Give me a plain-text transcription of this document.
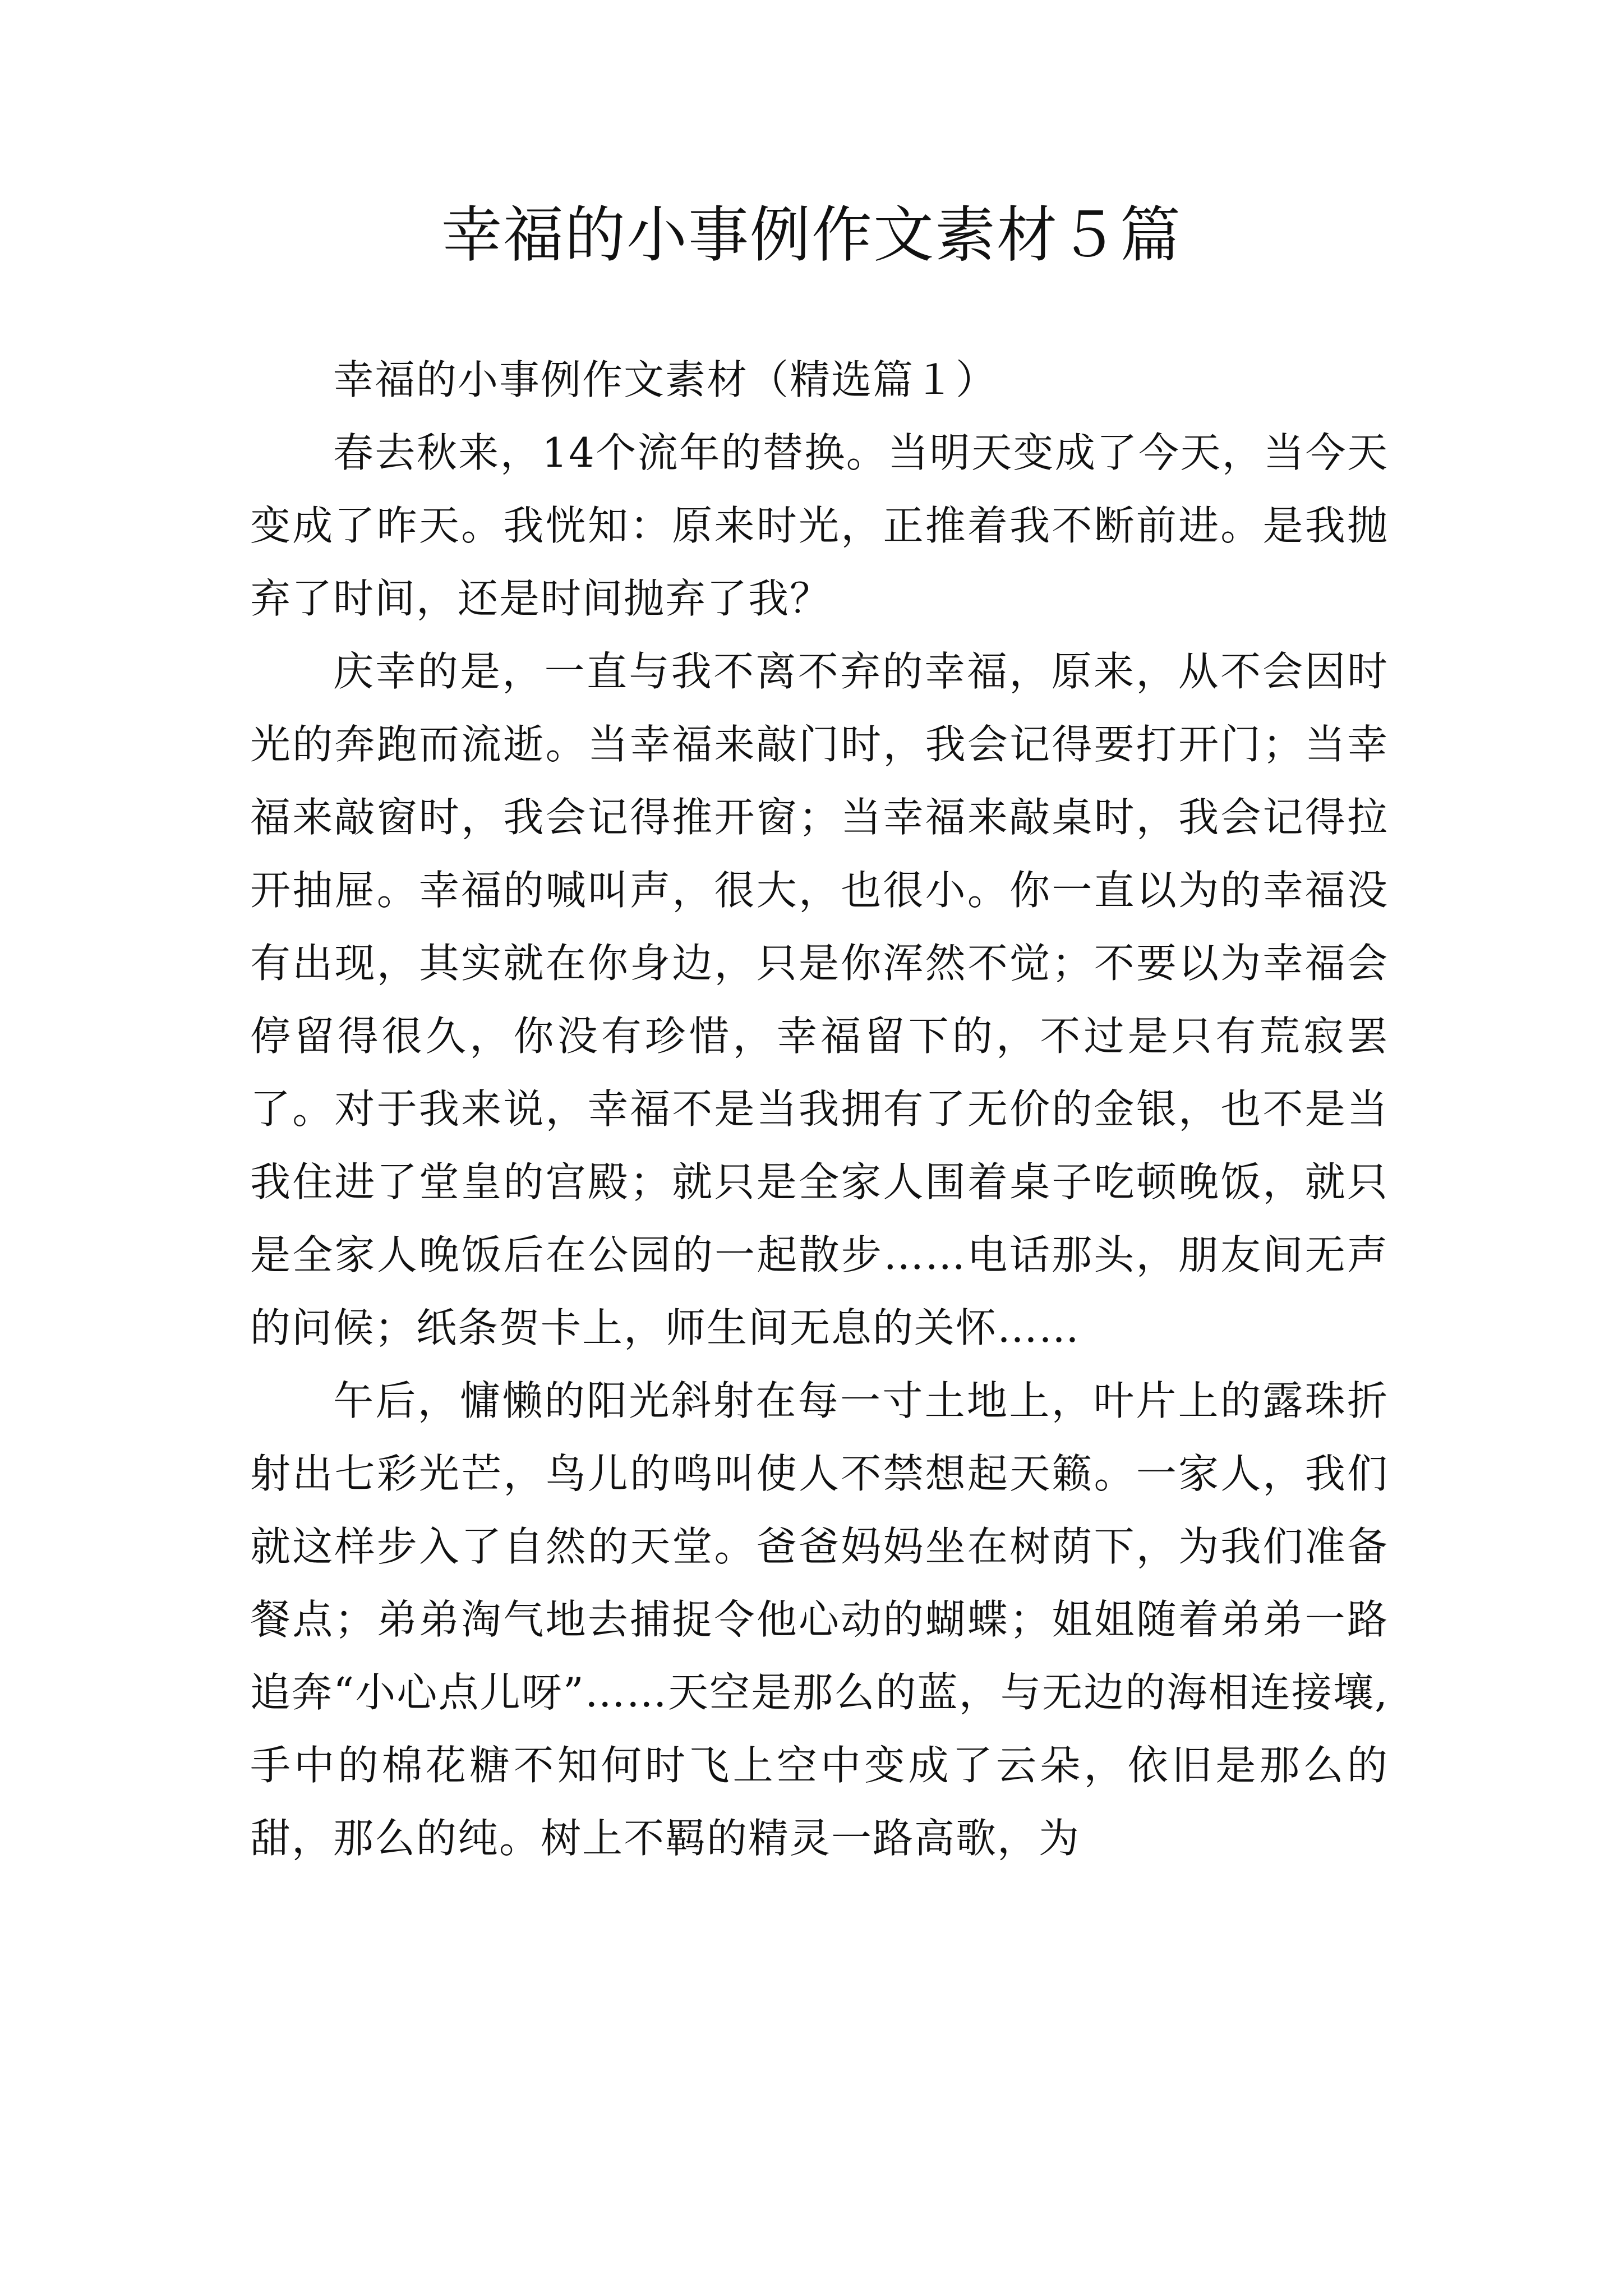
幸福的小事例作文素材５篇

幸福的小事例作文素材（精选篇１）

春去秋来，14个流年的替换。当明天变成了今天，当今天变成了昨天。我恍知：原来时光，正推着我不断前进。是我抛弃了时间，还是时间抛弃了我？

庆幸的是，一直与我不离不弃的幸福，原来，从不会因时光的奔跑而流逝。当幸福来敲门时，我会记得要打开门；当幸福来敲窗时，我会记得推开窗；当幸福来敲桌时，我会记得拉开抽屉。幸福的喊叫声，很大，也很小。你一直以为的幸福没有出现，其实就在你身边，只是你浑然不觉；不要以为幸福会停留得很久，你没有珍惜，幸福留下的，不过是只有荒寂罢了。对于我来说，幸福不是当我拥有了无价的金银，也不是当我住进了堂皇的宫殿；就只是全家人围着桌子吃顿晚饭，就只是全家人晚饭后在公园的一起散步……电话那头，朋友间无声的问候；纸条贺卡上，师生间无息的关怀……

午后，慵懒的阳光斜射在每一寸土地上，叶片上的露珠折射出七彩光芒，鸟儿的鸣叫使人不禁想起天籁。一家人，我们就这样步入了自然的天堂。爸爸妈妈坐在树荫下，为我们准备餐点；弟弟淘气地去捕捉令他心动的蝴蝶；姐姐随着弟弟一路追奔“小心点儿呀”……天空是那么的蓝，与无边的海相连接壤,手中的棉花糖不知何时飞上空中变成了云朵，依旧是那么的甜，那么的纯。树上不羁的精灵一路高歌，为
